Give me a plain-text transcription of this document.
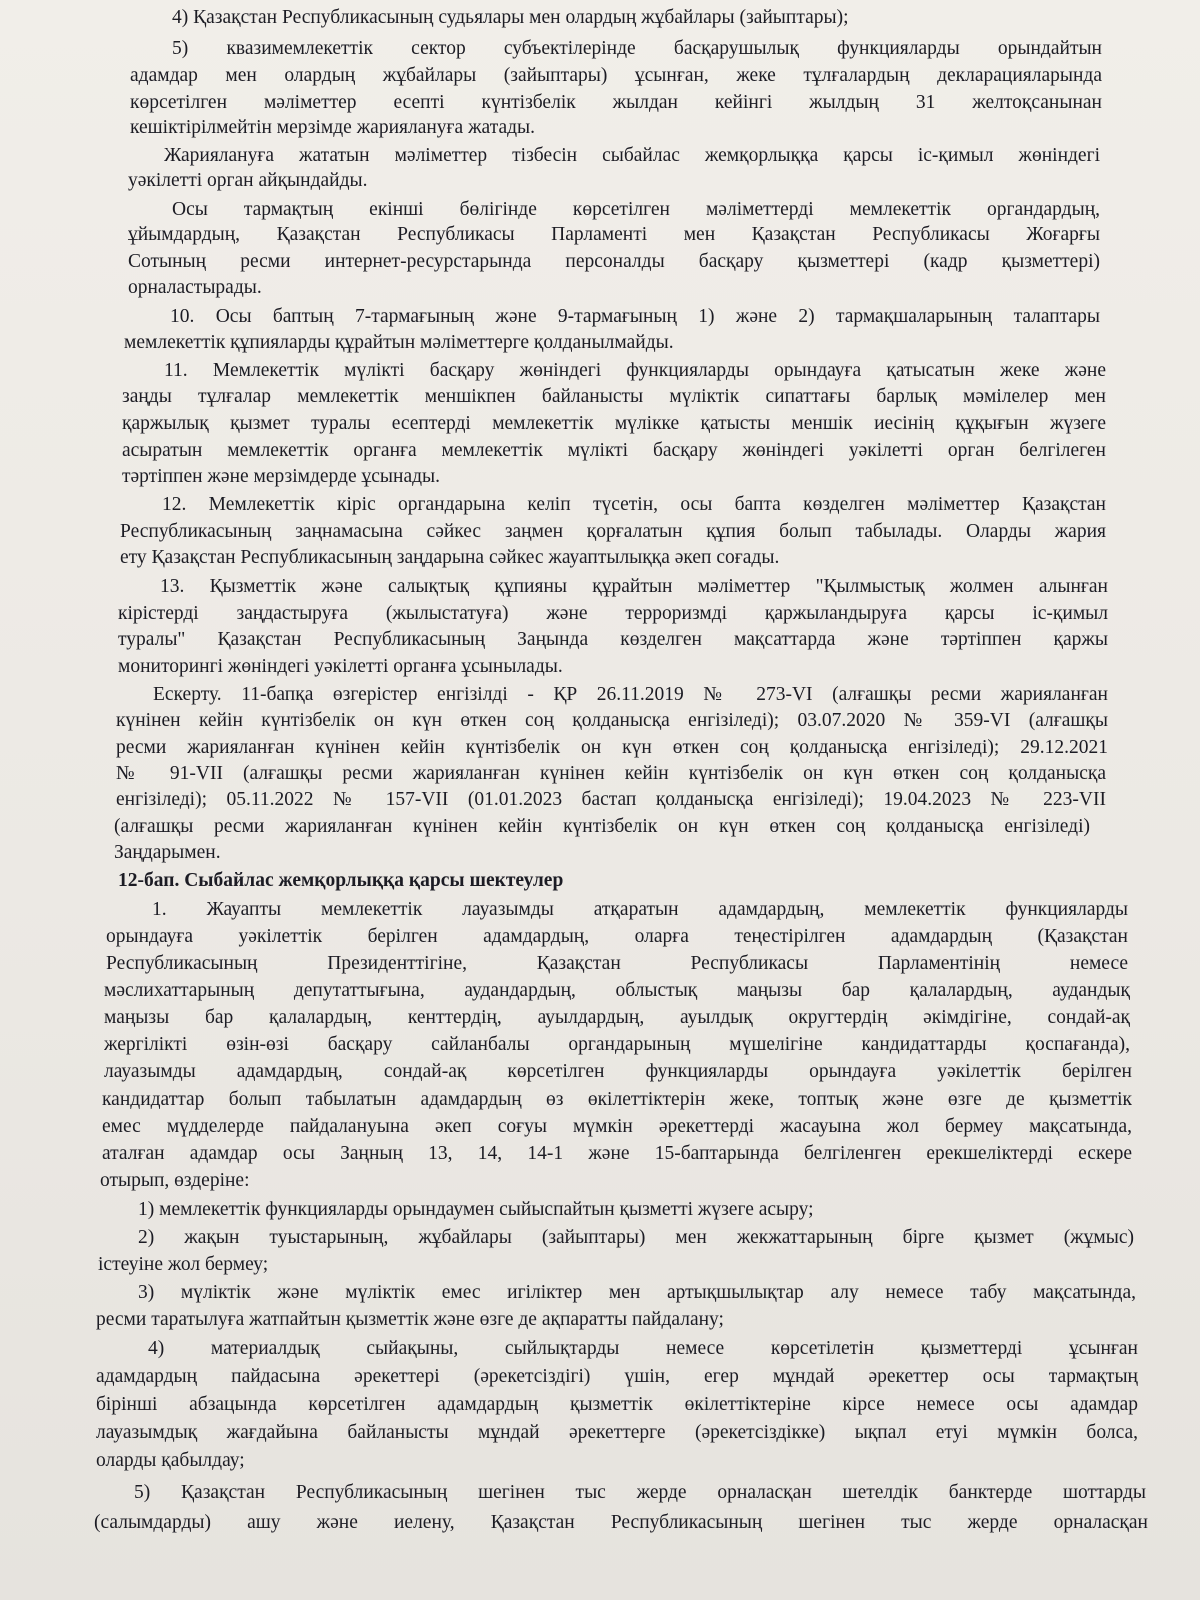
4) Қазақстан Республикасының судьялары мен олардың жұбайлары (зайыптары);
5) квазимемлекеттік сектор субъектілерінде басқарушылық функцияларды орындайтын
адамдар мен олардың жұбайлары (зайыптары) ұсынған, жеке тұлғалардың декларацияларында
көрсетілген мәліметтер есепті күнтізбелік жылдан кейінгі жылдың 31 желтоқсанынан
кешіктірілмейтін мерзімде жариялануға жатады.
Жариялануға жататын мәліметтер тізбесін сыбайлас жемқорлыққа қарсы іс-қимыл жөніндегі
уәкілетті орган айқындайды.
Осы тармақтың екінші бөлігінде көрсетілген мәліметтерді мемлекеттік органдардың,
ұйымдардың, Қазақстан Республикасы Парламенті мен Қазақстан Республикасы Жоғарғы
Сотының ресми интернет-ресурстарында персоналды басқару қызметтері (кадр қызметтері)
орналастырады.
10. Осы баптың 7-тармағының және 9-тармағының 1) және 2) тармақшаларының талаптары
мемлекеттік құпияларды құрайтын мәліметтерге қолданылмайды.
11. Мемлекеттік мүлікті басқару жөніндегі функцияларды орындауға қатысатын жеке және
заңды тұлғалар мемлекеттік меншікпен байланысты мүліктік сипаттағы барлық мәмілелер мен
қаржылық қызмет туралы есептерді мемлекеттік мүлікке қатысты меншік иесінің құқығын жүзеге
асыратын мемлекеттік органға мемлекеттік мүлікті басқару жөніндегі уәкілетті орган белгілеген
тәртіппен және мерзімдерде ұсынады.
12. Мемлекеттік кіріс органдарына келіп түсетін, осы бапта көзделген мәліметтер Қазақстан
Республикасының заңнамасына сәйкес заңмен қорғалатын құпия болып табылады. Оларды жария
ету Қазақстан Республикасының заңдарына сәйкес жауаптылыққа әкеп соғады.
13. Қызметтік және салықтық құпияны құрайтын мәліметтер "Қылмыстық жолмен алынған
кірістерді заңдастыруға (жылыстатуға) және терроризмді қаржыландыруға қарсы іс-қимыл
туралы" Қазақстан Республикасының Заңында көзделген мақсаттарда және тәртіппен қаржы
мониторингі жөніндегі уәкілетті органға ұсынылады.
Ескерту. 11-бапқа өзгерістер енгізілді - ҚР 26.11.2019 № 273-VI (алғашқы ресми жарияланған
күнінен кейін күнтізбелік он күн өткен соң қолданысқа енгізіледі); 03.07.2020 № 359-VI (алғашқы
ресми жарияланған күнінен кейін күнтізбелік он күн өткен соң қолданысқа енгізіледі); 29.12.2021
№ 91-VII (алғашқы ресми жарияланған күнінен кейін күнтізбелік он күн өткен соң қолданысқа
енгізіледі); 05.11.2022 № 157-VII (01.01.2023 бастап қолданысқа енгізіледі); 19.04.2023 № 223-VII
(алғашқы ресми жарияланған күнінен кейін күнтізбелік он күн өткен соң қолданысқа енгізіледі)
Заңдарымен.
12-бап. Сыбайлас жемқорлыққа қарсы шектеулер
1. Жауапты мемлекеттік лауазымды атқаратын адамдардың, мемлекеттік функцияларды
орындауға уәкілеттік берілген адамдардың, оларға теңестірілген адамдардың (Қазақстан
Республикасының Президенттігіне, Қазақстан Республикасы Парламентінің немесе
мәслихаттарының депутаттығына, аудандардың, облыстық маңызы бар қалалардың, аудандық
маңызы бар қалалардың, кенттердің, ауылдардың, ауылдық округтердің әкімдігіне, сондай-ақ
жергілікті өзін-өзі басқару сайланбалы органдарының мүшелігіне кандидаттарды қоспағанда),
лауазымды адамдардың, сондай-ақ көрсетілген функцияларды орындауға уәкілеттік берілген
кандидаттар болып табылатын адамдардың өз өкілеттіктерін жеке, топтық және өзге де қызметтік
емес мүдделерде пайдалануына әкеп соғуы мүмкін әрекеттерді жасауына жол бермеу мақсатында,
аталған адамдар осы Заңның 13, 14, 14-1 және 15-баптарында белгіленген ерекшеліктерді ескере
отырып, өздеріне:
1) мемлекеттік функцияларды орындаумен сыйыспайтын қызметті жүзеге асыру;
2) жақын туыстарының, жұбайлары (зайыптары) мен жекжаттарының бірге қызмет (жұмыс)
істеуіне жол бермеу;
3) мүліктік және мүліктік емес игіліктер мен артықшылықтар алу немесе табу мақсатында,
ресми таратылуға жатпайтын қызметтік және өзге де ақпаратты пайдалану;
4) материалдық сыйақыны, сыйлықтарды немесе көрсетілетін қызметтерді ұсынған
адамдардың пайдасына әрекеттері (әрекетсіздігі) үшін, егер мұндай әрекеттер осы тармақтың
бірінші абзацында көрсетілген адамдардың қызметтік өкілеттіктеріне кірсе немесе осы адамдар
лауазымдық жағдайына байланысты мұндай әрекеттерге (әрекетсіздікке) ықпал етуі мүмкін болса,
оларды қабылдау;
5) Қазақстан Республикасының шегінен тыс жерде орналасқан шетелдік банктерде шоттарды
(салымдарды) ашу және иелену, Қазақстан Республикасының шегінен тыс жерде орналасқан
